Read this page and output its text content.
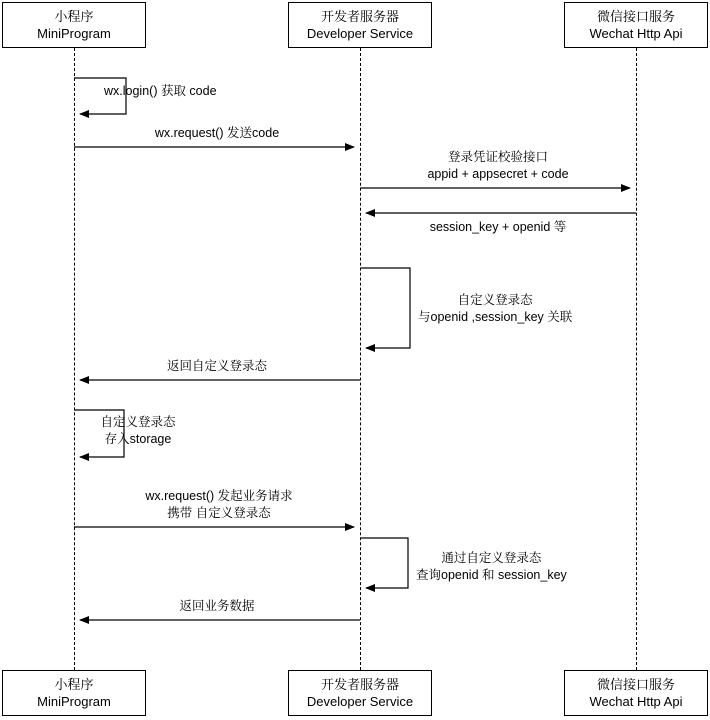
小程序
MiniProgram
开发者服务器
Developer Service
微信接口服务
Wechat Http Api
小程序
MiniProgram
开发者服务器
Developer Service
微信接口服务
Wechat Http Api
wx.login() 获取 code
wx.request() 发送code
登录凭证校验接口
appid + appsecret + code
session_key + openid 等
自定义登录态
与openid ,session_key 关联
返回自定义登录态
自定义登录态
存入storage
wx.request() 发起业务请求
携带 自定义登录态
通过自定义登录态
查询openid 和 session_key
返回业务数据
